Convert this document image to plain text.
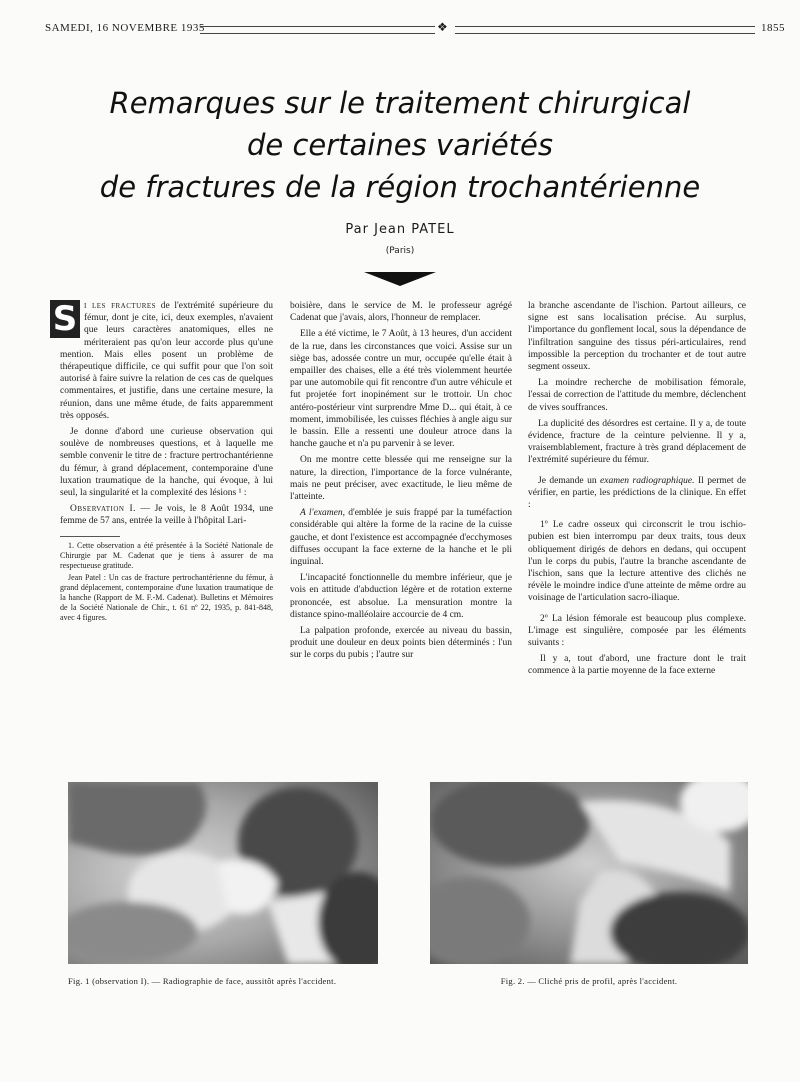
SAMEDI, 16 NOVEMBRE 1935	❖	1855
Remarques sur le traitement chirurgical
de certaines variétés
de fractures de la région trochantérienne
Par Jean PATEL
(Paris)

S i les fractures de l'extrémité supérieure du fémur, dont je cite, ici, deux exemples, n'avaient que leurs caractères anatomiques, elles ne mériteraient pas qu'on leur accorde plus qu'une mention. Mais elles posent un problème de thérapeutique difficile, ce qui suffit pour que l'on soit autorisé à faire suivre la relation de ces cas de quelques commentaires, et justifie, dans une certaine mesure, la réunion, dans une même étude, de faits apparemment très opposés.

Je donne d'abord une curieuse observation qui soulève de nombreuses questions, et à laquelle me semble convenir le titre de : fracture pertrochantérienne du fémur, à grand déplacement, contemporaine d'une luxation traumatique de la hanche, qui évoque, à lui seul, la singularité et la complexité des lésions ¹ :

Observation I. — Je vois, le 8 Août 1934, une femme de 57 ans, entrée la veille à l'hôpital Lari-

1. Cette observation a été présentée à la Société Nationale de Chirurgie par M. Cadenat que je tiens à assurer de ma respectueuse gratitude.

Jean Patel : Un cas de fracture pertrochantérienne du fémur, à grand déplacement, contemporaine d'une luxation traumatique de la hanche (Rapport de M. F.-M. Cadenat). Bulletins et Mémoires de la Société Nationale de Chir., t. 61 nº 22, 1935, p. 841-848, avec 4 figures.

boisière, dans le service de M. le professeur agrégé Cadenat que j'avais, alors, l'honneur de remplacer.

Elle a été victime, le 7 Août, à 13 heures, d'un accident de la rue, dans les circonstances que voici. Assise sur un siège bas, adossée contre un mur, occupée qu'elle était à empailler des chaises, elle a été très violemment heurtée par une automobile qui fit rencontre d'un autre véhicule et fut projetée fort inopinément sur le trottoir. Un choc antéro-postérieur vint surprendre Mme D... qui était, à ce moment, immobilisée, les cuisses fléchies à angle aigu sur le bassin. Elle a ressenti une douleur atroce dans la hanche gauche et n'a pu parvenir à se lever.

On me montre cette blessée qui me renseigne sur la nature, la direction, l'importance de la force vulnérante, mais ne peut préciser, avec exactitude, le lieu même de l'atteinte.

A l'examen, d'emblée je suis frappé par la tuméfaction considérable qui altère la forme de la racine de la cuisse gauche, et dont l'existence est accompagnée d'ecchymoses diffuses occupant la face externe de la hanche et le pli inguinal.

L'incapacité fonctionnelle du membre inférieur, que je vois en attitude d'abduction légère et de rotation externe prononcée, est absolue. La mensuration montre la distance spino-malléolaire accourcie de 4 cm.

La palpation profonde, exercée au niveau du bassin, produit une douleur en deux points bien déterminés : l'un sur le corps du pubis ; l'autre sur

la branche ascendante de l'ischion. Partout ailleurs, ce signe est sans localisation précise. Au surplus, l'importance du gonflement local, sous la dépendance de l'infiltration sanguine des tissus péri-articulaires, rend impossible la perception du trochanter et de tout autre segment osseux.

La moindre recherche de mobilisation fémorale, l'essai de correction de l'attitude du membre, déclenchent de vives souffrances.

La duplicité des désordres est certaine. Il y a, de toute évidence, fracture de la ceinture pelvienne. Il y a, vraisemblablement, fracture à très grand déplacement de l'extrémité supérieure du fémur.

Je demande un examen radiographique. Il permet de vérifier, en partie, les prédictions de la clinique. En effet :

1º Le cadre osseux qui circonscrit le trou ischio-pubien est bien interrompu par deux traits, tous deux obliquement dirigés de dehors en dedans, qui occupent l'un le corps du pubis, l'autre la branche ascendante de l'ischion, sans que la lecture attentive des clichés ne révèle le moindre indice d'une atteinte de même ordre au voisinage de l'articulation sacro-iliaque.

2º La lésion fémorale est beaucoup plus complexe. L'image est singulière, composée par les éléments suivants :

Il y a, tout d'abord, une fracture dont le trait commence à la partie moyenne de la face externe

Fig. 1 (observation I). — Radiographie de face, aussitôt après l'accident.	Fig. 2. — Cliché pris de profil, après l'accident.
